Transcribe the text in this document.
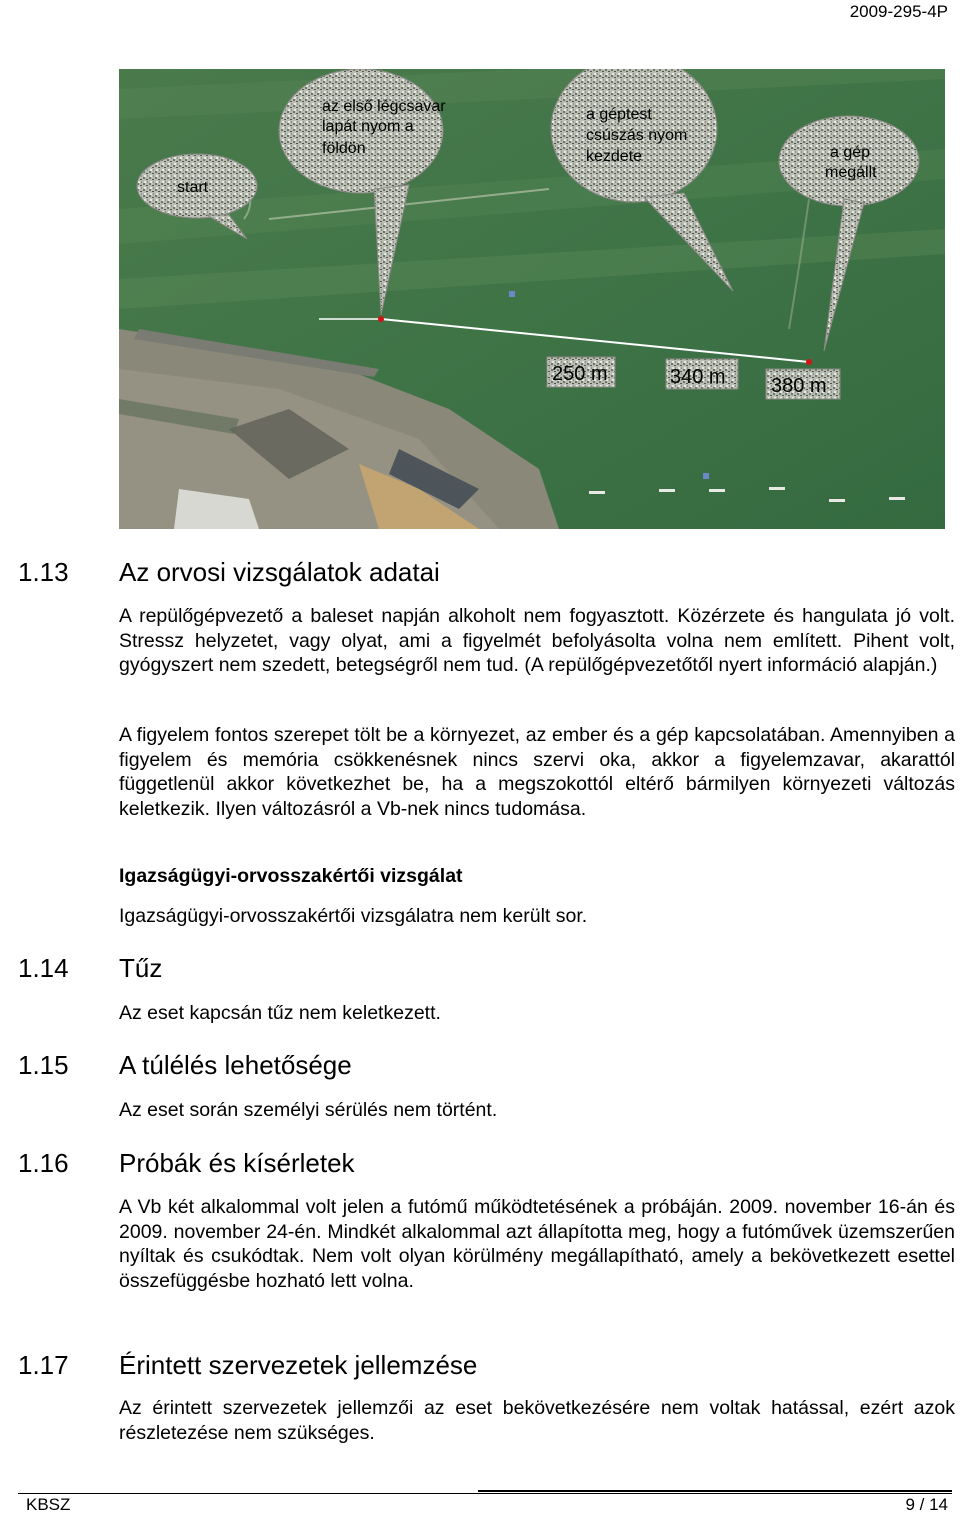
2009-295-4P
start
az első légcsavar
lapát nyom a
földön
a géptest
csúszás nyom
kezdete	a gép
megállt
250 m	340 m 380 m
1.13 Az orvosi vizsgálatok adatai
A repülőgépvezető a baleset napján alkoholt nem fogyasztott. Közérzete és hangulata jó volt. Stressz helyzetet, vagy olyat, ami a figyelmét befolyásolta volna nem említett. Pihent volt, gyógyszert nem szedett, betegségről nem tud. (A repülőgépvezetőtől nyert információ alapján.)
A figyelem fontos szerepet tölt be a környezet, az ember és a gép kapcsolatában. Amennyiben a figyelem és memória csökkenésnek nincs szervi oka, akkor a figyelemzavar, akarattól függetlenül akkor következhet be, ha a megszokottól eltérő bármilyen környezeti változás keletkezik. Ilyen változásról a Vb-nek nincs tudomása.
Igazságügyi-orvosszakértői vizsgálat
Igazságügyi-orvosszakértői vizsgálatra nem került sor.
1.14 Tűz
Az eset kapcsán tűz nem keletkezett.
1.15 A túlélés lehetősége
Az eset során személyi sérülés nem történt.
1.16 Próbák és kísérletek
A Vb két alkalommal volt jelen a futómű működtetésének a próbáján. 2009. november 16-án és 2009. november 24-én. Mindkét alkalommal azt állapította meg, hogy a futóművek üzemszerűen nyíltak és csukódtak. Nem volt olyan körülmény megállapítható, amely a bekövetkezett esettel összefüggésbe hozható lett volna.
1.17 Érintett szervezetek jellemzése
Az érintett szervezetek jellemzői az eset bekövetkezésére nem voltak hatással, ezért azok részletezése nem szükséges.
KBSZ	9 / 14
